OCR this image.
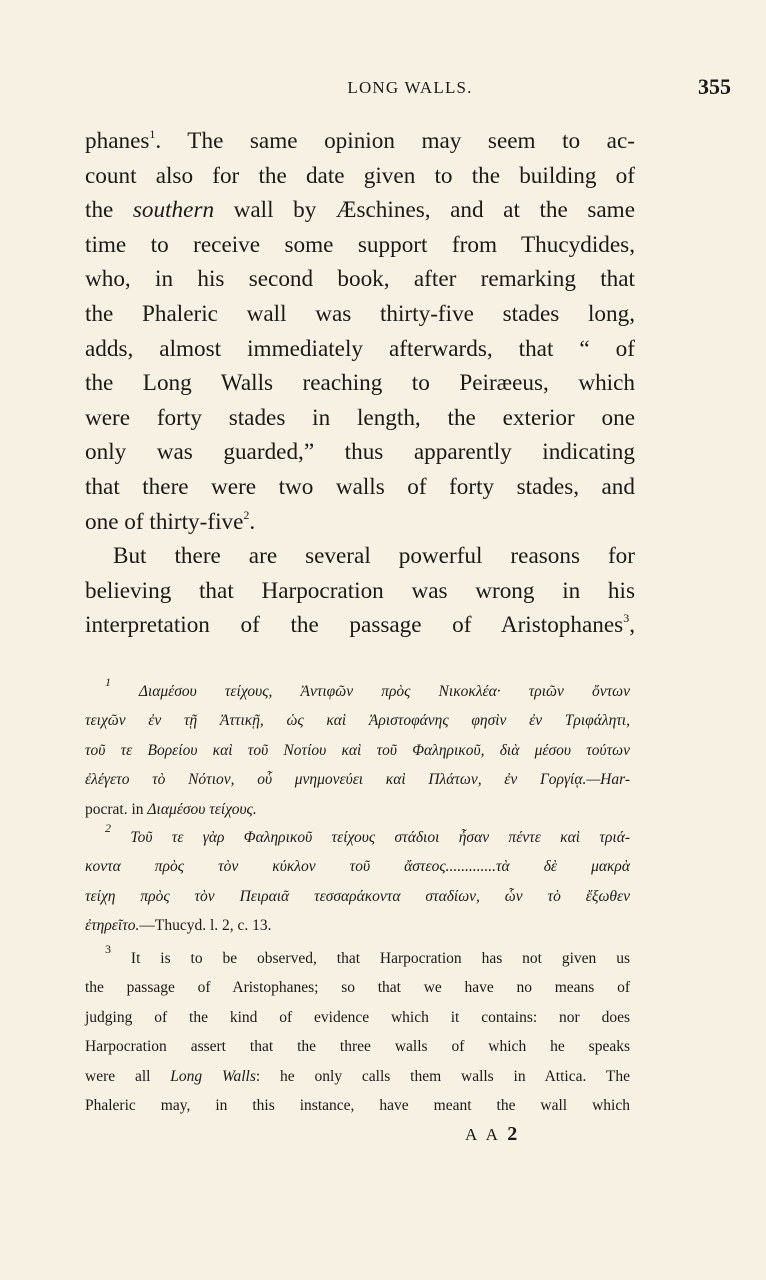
LONG WALLS.	355
phanes$^1$. The same opinion may seem to ac-
count also for the date given to the building of
the southern wall by Æschines, and at the same
time to receive some support from Thucydides,
who, in his second book, after remarking that
the Phaleric wall was thirty-five stades long,
adds, almost immediately afterwards, that “ of
the Long Walls reaching to Peiræeus, which
were forty stades in length, the exterior one
only was guarded,” thus apparently indicating
that there were two walls of forty stades, and
one of thirty-five$^2$.
But there are several powerful reasons for
believing that Harpocration was wrong in his
interpretation of the passage of Aristophanes$^3$,
$^1$ Διαμέσου τείχους, Ἀντιφῶν πρὸς Νικοκλέα· τριῶν ὄντων
τειχῶν ἐν τῇ Ἀττικῇ, ὡς καὶ Ἀριστοφάνης φησὶν ἐν Τριφάλητι,
τοῦ τε Βορείου καὶ τοῦ Νοτίου καὶ τοῦ Φαληρικοῦ, διὰ μέσου τούτων
ἐλέγετο τὸ Νότιον, οὗ μνημονεύει καὶ Πλάτων, ἐν Γοργίᾳ.—Har-
pocrat. in Διαμέσου τείχους.
$^2$ Τοῦ τε γὰρ Φαληρικοῦ τείχους στάδιοι ἦσαν πέντε καὶ τριά-
κοντα πρὸς τὸν κύκλον τοῦ ἄστεος.............τὰ δὲ μακρὰ
τείχη πρὸς τὸν Πειραιᾶ τεσσαράκοντα σταδίων, ὧν τὸ ἔξωθεν
ἐτηρεῖτο.—Thucyd. l. 2, c. 13.
$^3$ It is to be observed, that Harpocration has not given us
the passage of Aristophanes; so that we have no means of
judging of the kind of evidence which it contains: nor does
Harpocration assert that the three walls of which he speaks
were all Long Walls: he only calls them walls in Attica. The
Phaleric may, in this instance, have meant the wall which
A A 2
